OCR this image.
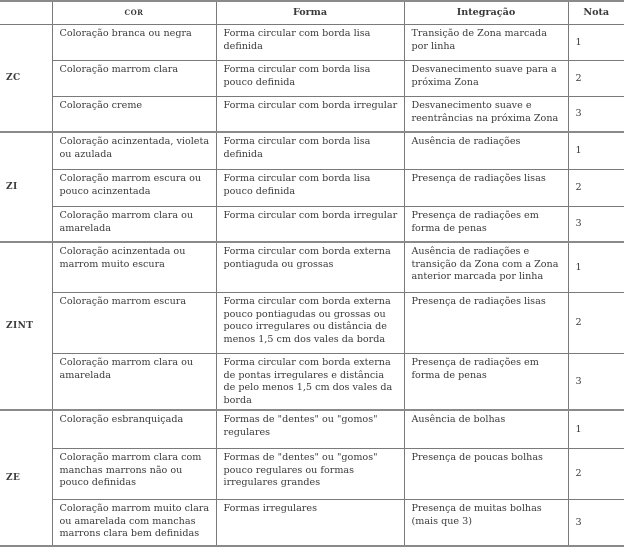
	cor	Forma	Integração	Nota
ZC	Coloração branca ou negra	Forma circular com borda lisa definida	Transição de Zona marcada por linha	1
	Coloração marrom clara	Forma circular com borda lisa pouco definida	Desvanecimento suave para a próxima Zona	2
	Coloração creme	Forma circular com borda irregular	Desvanecimento suave e reentrâncias na próxima Zona	3
ZI	Coloração acinzentada, violeta ou azulada	Forma circular com borda lisa definida	Ausência de radiações	1
	Coloração marrom escura ou pouco acinzentada	Forma circular com borda lisa pouco definida	Presença de radiações lisas	2
	Coloração marrom clara ou amarelada	Forma circular com borda irregular	Presença de radiações em forma de penas	3
ZINT	Coloração acinzentada ou marrom muito escura	Forma circular com borda externa pontiaguda ou grossas	Ausência de radiações e transição da Zona com a Zona anterior marcada por linha	1
	Coloração marrom escura	Forma circular com borda externa pouco pontiagudas ou grossas ou pouco irregulares ou distância de menos 1,5 cm dos vales da borda	Presença de radiações lisas	2
	Coloração marrom clara ou amarelada	Forma circular com borda externa de pontas irregulares e distância de pelo menos 1,5 cm dos vales da borda	Presença de radiações em forma de penas	3
ZE	Coloração esbranquiçada	Formas de "dentes" ou "gomos" regulares	Ausência de bolhas	1
	Coloração marrom clara com manchas marrons não ou pouco definidas	Formas de "dentes" ou "gomos" pouco regulares ou formas irregulares grandes	Presença de poucas bolhas	2
	Coloração marrom muito clara ou amarelada com manchas marrons clara bem definidas	Formas irregulares	Presença de muitas bolhas (mais que 3)	3
